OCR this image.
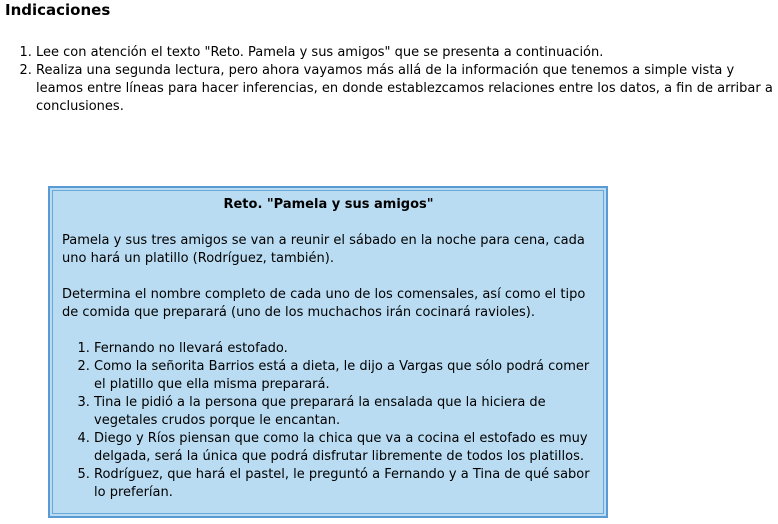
Indicaciones
1. Lee con atención el texto "Reto. Pamela y sus amigos" que se presenta a continuación.
2. Realiza una segunda lectura, pero ahora vayamos más allá de la información que tenemos a simple vista y leamos entre líneas para hacer inferencias, en donde establezcamos relaciones entre los datos, a fin de arribar a conclusiones.
Reto. "Pamela y sus amigos"

Pamela y sus tres amigos se van a reunir el sábado en la noche para cena, cada uno hará un platillo (Rodríguez, también).

Determina el nombre completo de cada uno de los comensales, así como el tipo de comida que preparará (uno de los muchachos irán cocinará ravioles).

1. Fernando no llevará estofado.
2. Como la señorita Barrios está a dieta, le dijo a Vargas que sólo podrá comer el platillo que ella misma preparará.
3. Tina le pidió a la persona que preparará la ensalada que la hiciera de vegetales crudos porque le encantan.
4. Diego y Ríos piensan que como la chica que va a cocina el estofado es muy delgada, será la única que podrá disfrutar libremente de todos los platillos.
5. Rodríguez, que hará el pastel, le preguntó a Fernando y a Tina de qué sabor lo preferían.
